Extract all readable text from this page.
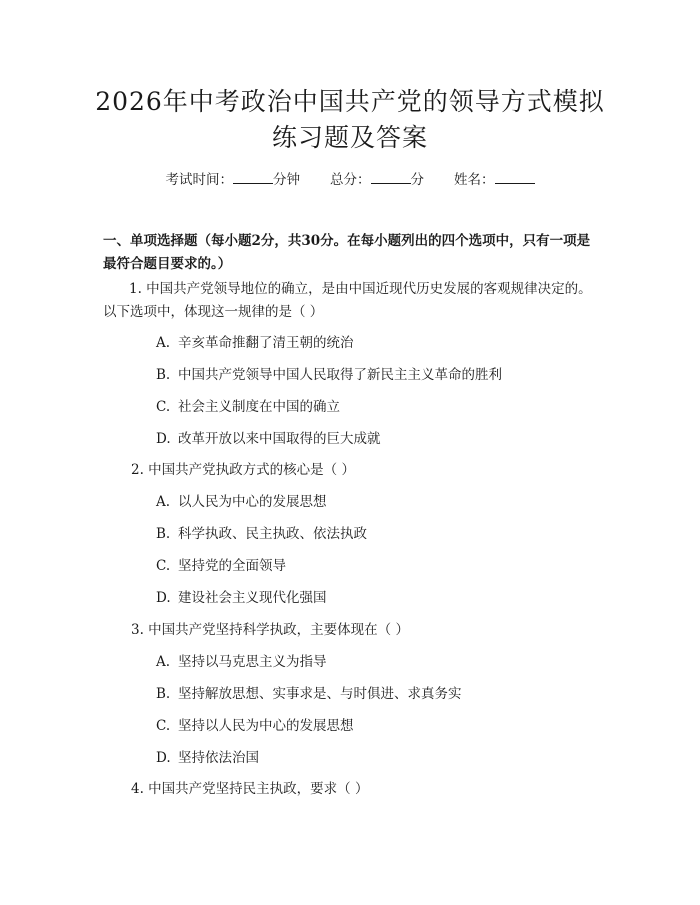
2026年中考政治中国共产党的领导方式模拟
练习题及答案
考试时间：	分钟 总分：	分 姓名：
一、单项选择题（每小题2分，共30分。在每小题列出的四个选项中，只有一项是最符合题目要求的。）
1. 中国共产党领导地位的确立，是由中国近现代历史发展的客观规律决定的。以下选项中，体现这一规律的是（ ）
A. 辛亥革命推翻了清王朝的统治
B. 中国共产党领导中国人民取得了新民主主义革命的胜利
C. 社会主义制度在中国的确立
D. 改革开放以来中国取得的巨大成就
2. 中国共产党执政方式的核心是（ ）
A. 以人民为中心的发展思想
B. 科学执政、民主执政、依法执政
C. 坚持党的全面领导
D. 建设社会主义现代化强国
3. 中国共产党坚持科学执政，主要体现在（ ）
A. 坚持以马克思主义为指导
B. 坚持解放思想、实事求是、与时俱进、求真务实
C. 坚持以人民为中心的发展思想
D. 坚持依法治国
4. 中国共产党坚持民主执政，要求（ ）
